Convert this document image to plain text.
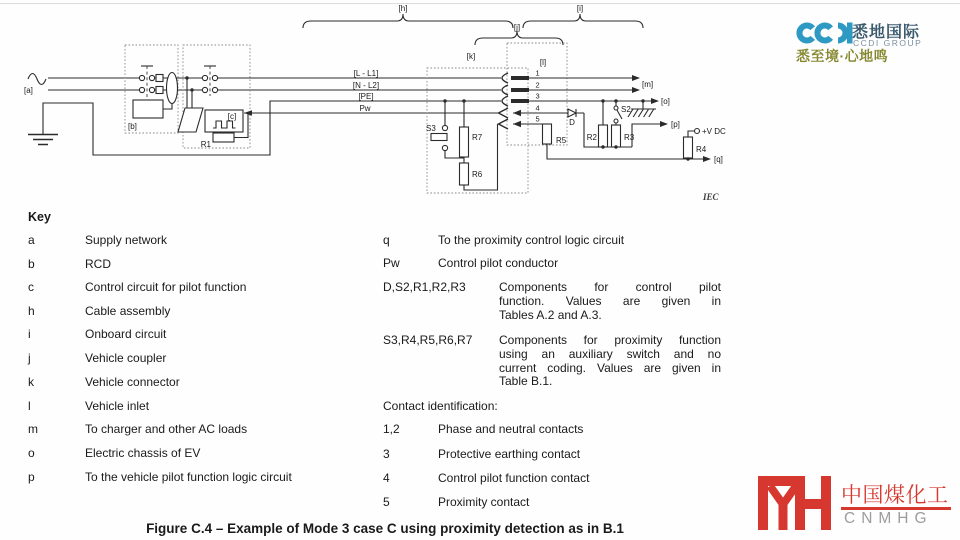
[a]
[L - L1]
[N - L2]
[PE]
Pw
[b]
[c]
R1
[h]	[i]
[j]
[k]
[l]
1
2
3
4
5
S3
R7
R6
R5
[q]
[m]
[o]
D	[p]
R2
S2
R3
+V DC
R4
IEC
Key
a	Supply network
b	RCD
c	Control circuit for pilot function
h	Cable assembly
i	Onboard circuit
j	Vehicle coupler
k	Vehicle connector
l	Vehicle inlet
m	To charger and other AC loads
o	Electric chassis of EV
p	To the vehicle pilot function logic circuit
q	To the proximity control logic circuit
Pw	Control pilot conductor
D,S2,R1,R2,R3	Components for control pilot
function. Values are given in
Tables A.2 and A.3.
S3,R4,R5,R6,R7 Components for proximity function
using an auxiliary switch and no
current coding. Values are given in
Table B.1.
Contact identification:
1,2	Phase and neutral contacts
3	Protective earthing contact
4	Control pilot function contact
5	Proximity contact
Figure C.4 – Example of Mode 3 case C using proximity detection as in B.1
悉地国际
CCDI GROUP
悉至境·心地鸣
中国煤化工
CNMHG
